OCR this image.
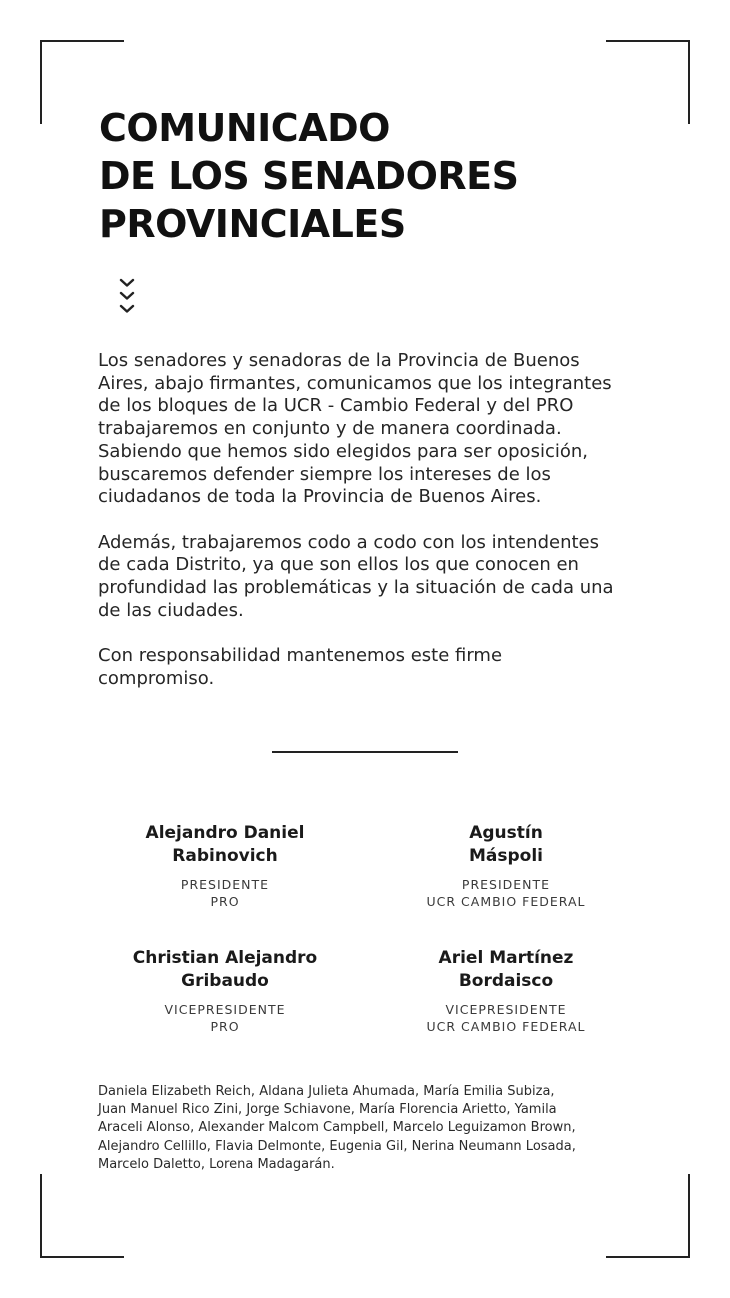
COMUNICADO
DE LOS SENADORES
PROVINCIALES

Los senadores y senadoras de la Provincia de Buenos
Aires, abajo firmantes, comunicamos que los integrantes
de los bloques de la UCR - Cambio Federal y del PRO
trabajaremos en conjunto y de manera coordinada.
Sabiendo que hemos sido elegidos para ser oposición,
buscaremos defender siempre los intereses de los
ciudadanos de toda la Provincia de Buenos Aires.

Además, trabajaremos codo a codo con los intendentes
de cada Distrito, ya que son ellos los que conocen en
profundidad las problemáticas y la situación de cada una
de las ciudades.

Con responsabilidad mantenemos este firme
compromiso.

Alejandro Daniel
Rabinovich
PRESIDENTE
PRO
Agustín
Máspoli
PRESIDENTE
UCR CAMBIO FEDERAL
Christian Alejandro
Gribaudo
VICEPRESIDENTE
PRO
Ariel Martínez
Bordaisco
VICEPRESIDENTE
UCR CAMBIO FEDERAL
Daniela Elizabeth Reich, Aldana Julieta Ahumada, María Emilia Subiza,
Juan Manuel Rico Zini, Jorge Schiavone, María Florencia Arietto, Yamila
Araceli Alonso, Alexander Malcom Campbell, Marcelo Leguizamon Brown,
Alejandro Cellillo, Flavia Delmonte, Eugenia Gil, Nerina Neumann Losada,
Marcelo Daletto, Lorena Madagarán.
